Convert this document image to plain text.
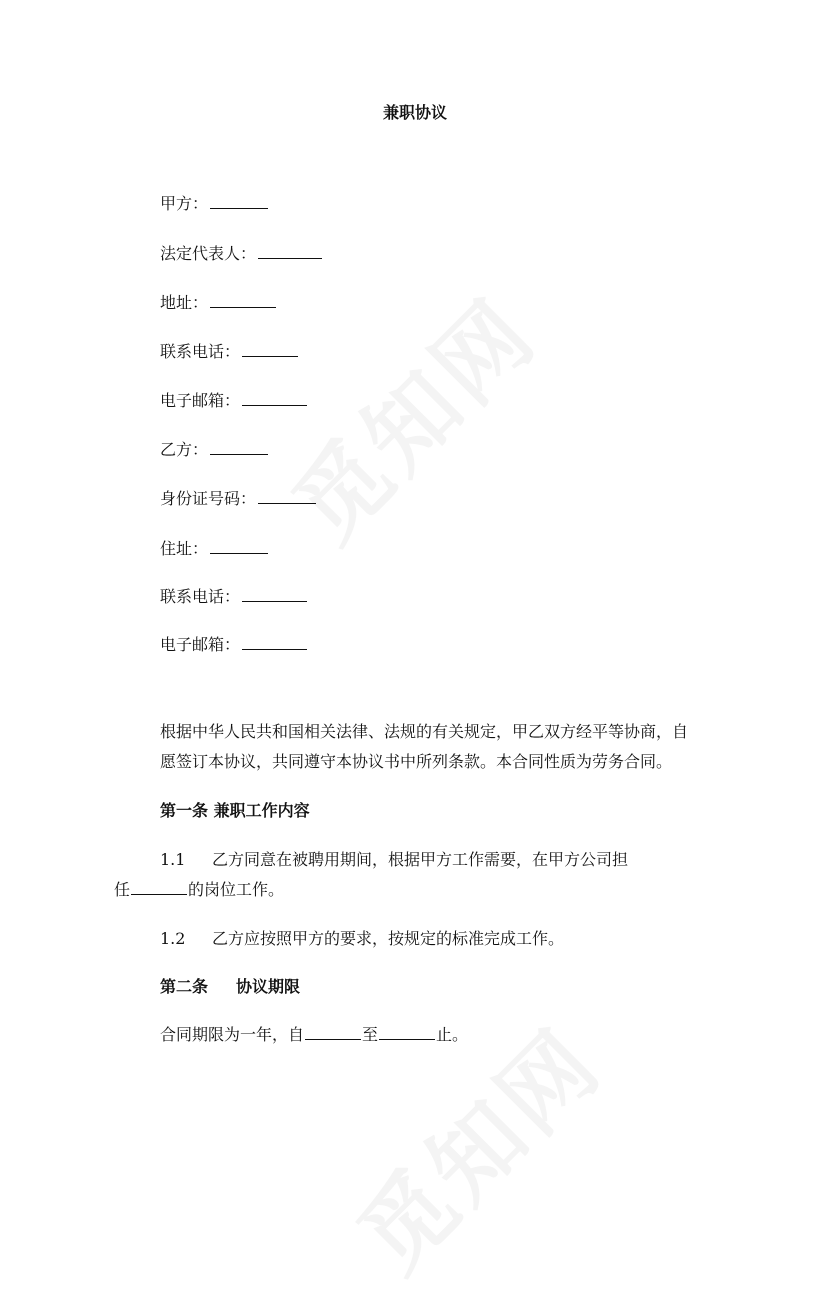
兼职协议
甲方：
法定代表人：
地址：
联系电话：
电子邮箱：
乙方：
身份证号码：
住址：
联系电话：
电子邮箱：
根据中华人民共和国相关法律、法规的有关规定，甲乙双方经平等协商，自
愿签订本协议，共同遵守本协议书中所列条款。本合同性质为劳务合同。
第一条 兼职工作内容
1.1 乙方同意在被聘用期间，根据甲方工作需要，在甲方公司担
任	的岗位工作。
1.2 乙方应按照甲方的要求，按规定的标准完成工作。
第二条 协议期限
合同期限为一年，自	至	止。
